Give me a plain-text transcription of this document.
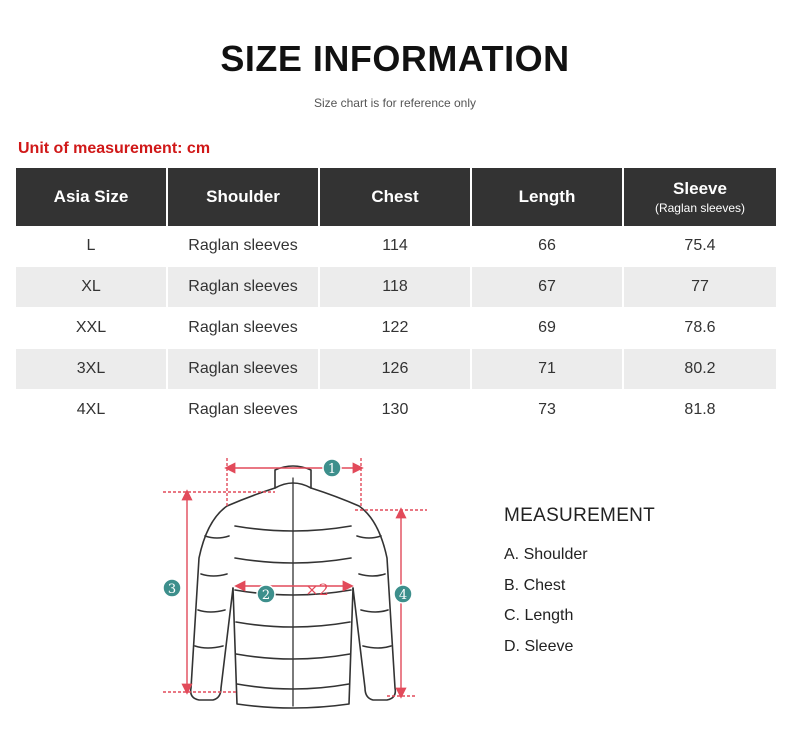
SIZE INFORMATION
Size chart is for reference only
Unit of measurement: cm
Asia Size	Shoulder	Chest	Length	Sleeve
(Raglan sleeves)

L	Raglan sleeves	114	66	75.4
XL	Raglan sleeves	118	67	77
XXL	Raglan sleeves	122	69	78.6
3XL	Raglan sleeves	126	71	80.2
4XL	Raglan sleeves	130	73	81.8
1
2
3	4
×2
MEASUREMENT
A. Shoulder
B. Chest
C. Length
D. Sleeve
